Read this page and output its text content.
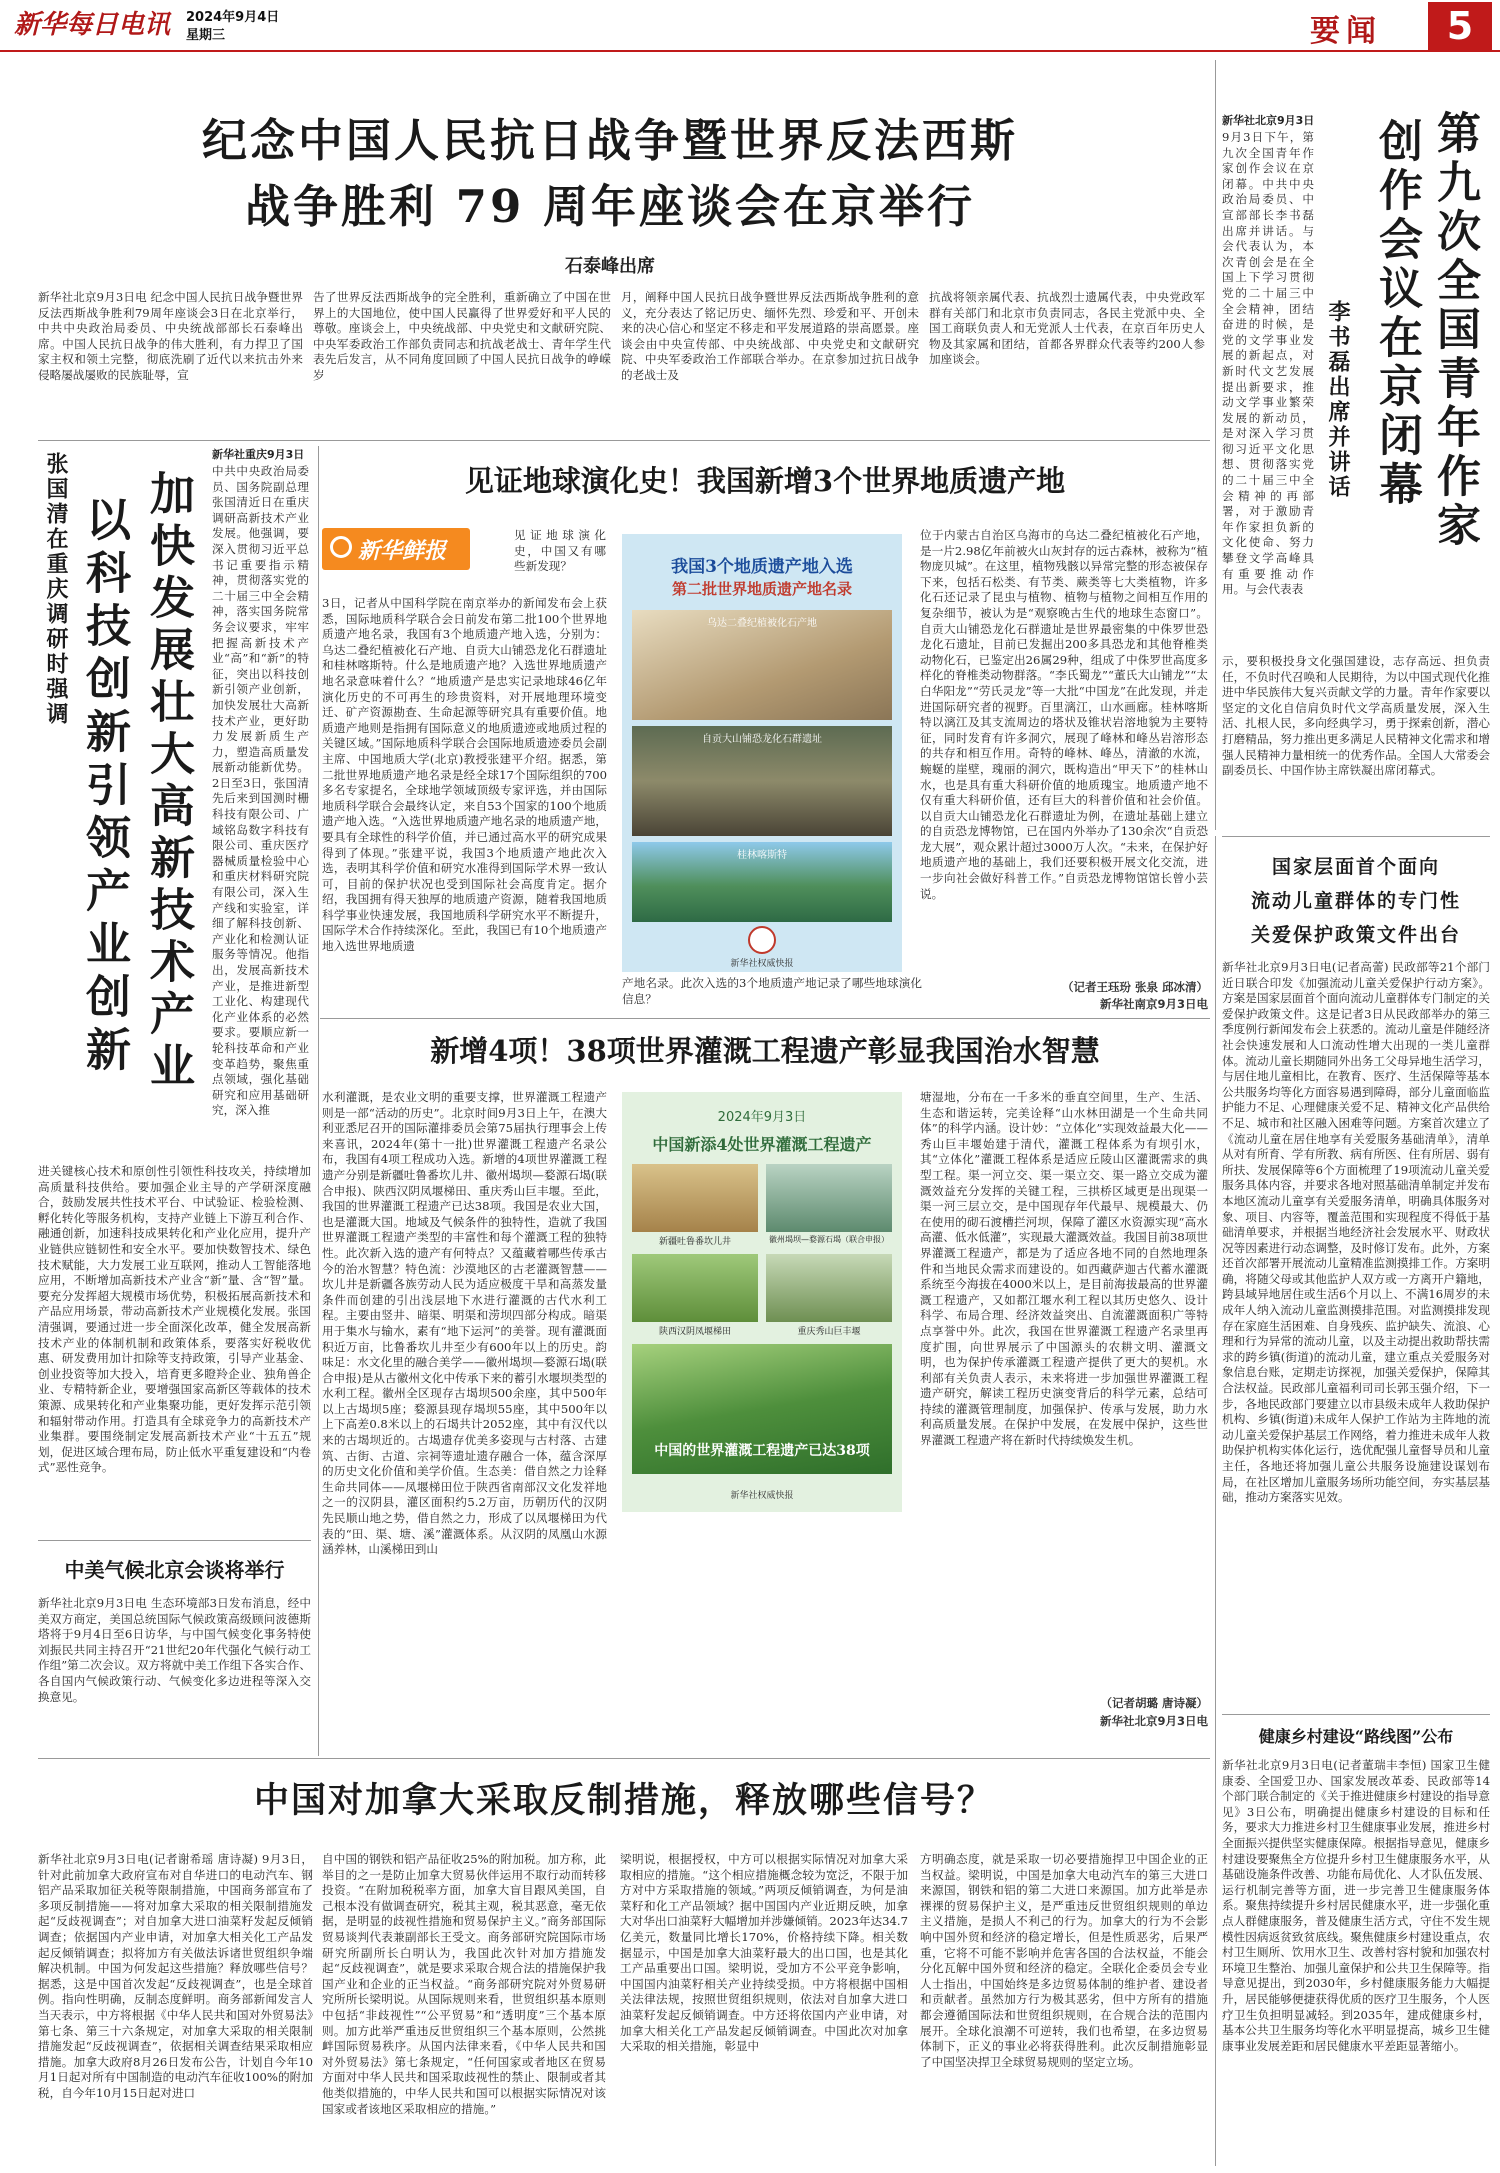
新华每日电讯	2024年9月4日
星期三	要闻	5
纪念中国人民抗日战争暨世界反法西斯
战争胜利 79 周年座谈会在京举行
石泰峰出席
新华社北京9月3日电 纪念中国人民抗日战争暨世界反法西斯战争胜利79周年座谈会3日在北京举行，中共中央政治局委员、中央统战部部长石泰峰出席。中国人民抗日战争的伟大胜利，有力捍卫了国家主权和领土完整，彻底洗刷了近代以来抗击外来侵略屡战屡败的民族耻辱，宣
告了世界反法西斯战争的完全胜利，重新确立了中国在世界上的大国地位，使中国人民赢得了世界爱好和平人民的尊敬。座谈会上，中央统战部、中央党史和文献研究院、中央军委政治工作部负责同志和抗战老战士、青年学生代表先后发言，从不同角度回顾了中国人民抗日战争的峥嵘岁
月，阐释中国人民抗日战争暨世界反法西斯战争胜利的意义，充分表达了铭记历史、缅怀先烈、珍爱和平、开创未来的决心信心和坚定不移走和平发展道路的崇高愿景。座谈会由中央宣传部、中央统战部、中央党史和文献研究院、中央军委政治工作部联合举办。在京参加过抗日战争的老战士及
抗战将领亲属代表、抗战烈士遗属代表，中央党政军群有关部门和北京市负责同志，各民主党派中央、全国工商联负责人和无党派人士代表，在京百年历史人物及其家属和团结，首都各界群众代表等约200人参加座谈会。
新华社北京9月3日
9月3日下午，第九次全国青年作家创作会议在京闭幕。中共中央政治局委员、中宣部部长李书磊出席并讲话。与会代表认为，本次青创会是在全国上下学习贯彻党的二十届三中全会精神，团结奋进的时候，是党的文学事业发展的新起点，对新时代文艺发展提出新要求，推动文学事业繁荣发展的新动员，是对深入学习贯彻习近平文化思想、贯彻落实党的二十届三中全会精神的再部署，对于激励青年作家担负新的文化使命、努力攀登文学高峰具有重要推动作用。与会代表表
第九次全国青年作家
创作会议在京闭幕
李书磊出席并讲话
示，要积极投身文化强国建设，志存高远、担负责任，不负时代召唤和人民期待，为以中国式现代化推进中华民族伟大复兴贡献文学的力量。青年作家要以坚定的文化自信肩负时代文学高质量发展，深入生活、扎根人民，多向经典学习，勇于探索创新，潜心打磨精品，努力推出更多满足人民精神文化需求和增强人民精神力量相统一的优秀作品。全国人大常委会副委员长、中国作协主席铁凝出席闭幕式。
国家层面首个面向
流动儿童群体的专门性
关爱保护政策文件出台
新华社北京9月3日电(记者高蕾) 民政部等21个部门近日联合印发《加强流动儿童关爱保护行动方案》。方案是国家层面首个面向流动儿童群体专门制定的关爱保护政策文件。这是记者3日从民政部举办的第三季度例行新闻发布会上获悉的。流动儿童是伴随经济社会快速发展和人口流动性增大出现的一类儿童群体。流动儿童长期随同外出务工父母异地生活学习，与居住地儿童相比，在教育、医疗、生活保障等基本公共服务均等化方面容易遇到障碍，部分儿童面临监护能力不足、心理健康关爱不足、精神文化产品供给不足、城市和社区融入困难等问题。方案首次建立了《流动儿童在居住地享有关爱服务基础清单》，清单从对有所育、学有所教、病有所医、住有所居、弱有所扶、发展保障等6个方面梳理了19项流动儿童关爱服务具体内容，并要求各地对照基础清单制定并发布本地区流动儿童享有关爱服务清单，明确具体服务对象、项目、内容等，覆盖范围和实现程度不得低于基础清单要求，并根据当地经济社会发展水平、财政状况等因素进行动态调整，及时修订发布。此外，方案还首次部署开展流动儿童精准监测摸排工作。方案明确，将随父母或其他监护人双方或一方离开户籍地，跨县域异地居住或生活6个月以上、不满16周岁的未成年人纳入流动儿童监测摸排范围。对监测摸排发现存在家庭生活困难、自身残疾、监护缺失、流浪、心理和行为异常的流动儿童，以及主动提出救助帮扶需求的跨乡镇(街道)的流动儿童，建立重点关爱服务对象信息台账，定期走访探视，加强关爱保护，保障其合法权益。民政部儿童福利司司长郭玉强介绍，下一步，各地民政部门要建立以市县级未成年人救助保护机构、乡镇(街道)未成年人保护工作站为主阵地的流动儿童关爱保护基层工作网络，着力推进未成年人救助保护机构实体化运行，选优配强儿童督导员和儿童主任，各地还将加强儿童公共服务设施建设谋划布局，在社区增加儿童服务场所功能空间，夯实基层基础，推动方案落实见效。
健康乡村建设“路线图”公布
新华社北京9月3日电(记者董瑞丰李恒) 国家卫生健康委、全国爱卫办、国家发展改革委、民政部等14个部门联合制定的《关于推进健康乡村建设的指导意见》3日公布，明确提出健康乡村建设的目标和任务，要求大力推进乡村卫生健康事业发展，推进乡村全面振兴提供坚实健康保障。根据指导意见，健康乡村建设要聚焦全方位提升乡村卫生健康服务水平，从基础设施条件改善、功能布局优化、人才队伍发展、运行机制完善等方面，进一步完善卫生健康服务体系。聚焦持续提升乡村居民健康水平，进一步强化重点人群健康服务，普及健康生活方式，守住不发生规模性因病返贫致贫底线。聚焦健康乡村建设重点，农村卫生厕所、饮用水卫生、改善村容村貌和加强农村环境卫生整治、加强儿童保护和公共卫生保障等。指导意见提出，到2030年，乡村健康服务能力大幅提升，居民能够便捷获得优质的医疗卫生服务，个人医疗卫生负担明显减轻。到2035年，建成健康乡村，基本公共卫生服务均等化水平明显提高，城乡卫生健康事业发展差距和居民健康水平差距显著缩小。
新华社重庆9月3日
中共中央政治局委员、国务院副总理张国清近日在重庆调研高新技术产业发展。他强调，要深入贯彻习近平总书记重要指示精神，贯彻落实党的二十届三中全会精神，落实国务院常务会议要求，牢牢把握高新技术产业“高”和“新”的特征，突出以科技创新引领产业创新，加快发展壮大高新技术产业，更好助力发展新质生产力，塑造高质量发展新动能新优势。2日至3日，张国清先后来到国测时栅科技有限公司、广域铭岛数字科技有限公司、重庆医疗器械质量检验中心和重庆材料研究院有限公司，深入生产线和实验室，详细了解科技创新、产业化和检测认证服务等情况。他指出，发展高新技术产业，是推进新型工业化、构建现代化产业体系的必然要求。要顺应新一轮科技革命和产业变革趋势，聚焦重点领域，强化基础研究和应用基础研究，深入推
张国清在重庆调研时强调 加快发展壮大高新技术产业
以科技创新引领产业创新
进关键核心技术和原创性引领性科技攻关，持续增加高质量科技供给。要加强企业主导的产学研深度融合，鼓励发展共性技术平台、中试验证、检验检测、孵化转化等服务机构，支持产业链上下游互利合作、融通创新，加速科技成果转化和产业化应用，提升产业链供应链韧性和安全水平。要加快数智技术、绿色技术赋能，大力发展工业互联网，推动人工智能落地应用，不断增加高新技术产业含“新”量、含“智”量。要充分发挥超大规模市场优势，积极拓展高新技术和产品应用场景，带动高新技术产业规模化发展。张国清强调，要通过进一步全面深化改革，健全发展高新技术产业的体制机制和政策体系，要落实好税收优惠、研发费用加计扣除等支持政策，引导产业基金、创业投资等加大投入，培育更多瞪羚企业、独角兽企业、专精特新企业，要增强国家高新区等载体的技术策源、成果转化和产业集聚功能，更好发挥示范引领和辐射带动作用。打造具有全球竞争力的高新技术产业集群。要围绕制定发展高新技术产业“十五五”规划，促进区域合理布局，防止低水平重复建设和“内卷式”恶性竞争。
中美气候北京会谈将举行
新华社北京9月3日电 生态环境部3日发布消息，经中美双方商定，美国总统国际气候政策高级顾问波德斯塔将于9月4日至6日访华，与中国气候变化事务特使刘振民共同主持召开“21世纪20年代强化气候行动工作组”第二次会议。双方将就中美工作组下各实合作、各自国内气候政策行动、气候变化多边进程等深入交换意见。
见证地球演化史！我国新增3个世界地质遗产地
新华鲜报
见证地球演化史，中国又有哪些新发现？
3日，记者从中国科学院在南京举办的新闻发布会上获悉，国际地质科学联合会日前发布第二批100个世界地质遗产地名录，我国有3个地质遗产地入选，分别为：乌达二叠纪植被化石产地、自贡大山铺恐龙化石群遗址和桂林喀斯特。什么是地质遗产地？入选世界地质遗产地名录意味着什么？“地质遗产是忠实记录地球46亿年演化历史的不可再生的珍贵资料，对开展地理环境变迁、矿产资源勘查、生命起源等研究具有重要价值。地质遗产地则是指拥有国际意义的地质遗迹或地质过程的关键区域。”国际地质科学联合会国际地质遗迹委员会副主席、中国地质大学(北京)教授张建平介绍。据悉，第二批世界地质遗产地名录是经全球17个国际组织的700多名专家提名，全球地学领域顶级专家评选，并由国际地质科学联合会最终认定，来自53个国家的100个地质遗产地入选。“入选世界地质遗产地名录的地质遗产地，要具有全球性的科学价值，并已通过高水平的研究成果得到了体现。”张建平说，我国3个地质遗产地此次入选，表明其科学价值和研究水准得到国际学术界一致认可，目前的保护状况也受到国际社会高度肯定。据介绍，我国拥有得天独厚的地质遗产资源，随着我国地质科学事业快速发展，我国地质科学研究水平不断提升，国际学术合作持续深化。至此，我国已有10个地质遗产地入选世界地质遗
产地名录。此次入选的3个地质遗产地记录了哪些地球演化信息？
我国3个地质遗产地入选
第二批世界地质遗产地名录
乌达二叠纪植被化石产地
自贡大山铺恐龙化石群遗址
桂林喀斯特
新华社权威快报
位于内蒙古自治区乌海市的乌达二叠纪植被化石产地，是一片2.98亿年前被火山灰封存的远古森林，被称为“植物庞贝城”。在这里，植物残骸以异常完整的形态被保存下来，包括石松类、有节类、蕨类等七大类植物，许多化石还记录了昆虫与植物、植物与植物之间相互作用的复杂细节，被认为是“观察晚古生代的地球生态窗口”。自贡大山铺恐龙化石群遗址是世界最密集的中侏罗世恐龙化石遗址，目前已发掘出200多具恐龙和其他脊椎类动物化石，已鉴定出26属29种，组成了中侏罗世高度多样化的脊椎类动物群落。“李氏蜀龙”“董氏大山铺龙”“太白华阳龙”“劳氏灵龙”等一大批“中国龙”在此发现，并走进国际研究者的视野。百里漓江，山水画廊。桂林喀斯特以漓江及其支流周边的塔状及锥状岩溶地貌为主要特征，同时发育有许多洞穴，展现了峰林和峰丛岩溶形态的共存和相互作用。奇特的峰林、峰丛，清澈的水流，蜿蜒的崖壁，瑰丽的洞穴，既构造出“甲天下”的桂林山水，也是具有重大科研价值的地质瑰宝。地质遗产地不仅有重大科研价值，还有巨大的科普价值和社会价值。以自贡大山铺恐龙化石群遗址为例，在遗址基础上建立的自贡恐龙博物馆，已在国内外举办了130余次“自贡恐龙大展”，观众累计超过3000万人次。“未来，在保护好地质遗产地的基础上，我们还要积极开展文化交流，进一步向社会做好科普工作。”自贡恐龙博物馆馆长曾小芸说。
（记者王珏玢 张泉 邱冰清）
新华社南京9月3日电
新增4项！38项世界灌溉工程遗产彰显我国治水智慧
水利灌溉，是农业文明的重要支撑，世界灌溉工程遗产则是一部“活动的历史”。北京时间9月3日上午，在澳大利亚悉尼召开的国际灌排委员会第75届执行理事会上传来喜讯，2024年(第十一批)世界灌溉工程遗产名录公布，我国有4项工程成功入选。新增的4项世界灌溉工程遗产分别是新疆吐鲁番坎儿井、徽州堨坝—婺源石堨(联合申报)、陕西汉阴凤堰梯田、重庆秀山巨丰堰。至此，我国的世界灌溉工程遗产已达38项。我国是农业大国，也是灌溉大国。地域及气候条件的独特性，造就了我国世界灌溉工程遗产类型的丰富性和每个灌溉工程的独特性。此次新入选的遗产有何特点？又蕴藏着哪些传承古今的治水智慧？特色流：沙漠地区的古老灌溉智慧——坎儿井是新疆各族劳动人民为适应极度干旱和高蒸发量条件而创建的引出浅层地下水进行灌溉的古代水利工程。主要由竖井、暗渠、明渠和涝坝四部分构成。暗渠用于集水与输水，素有“地下运河”的美誉。现有灌溉面积近万亩，比鲁番坎儿井至少有600年以上的历史。韵味足：水文化里的融合美学——徽州堨坝—婺源石堨(联合申报)是从古徽州文化中传承下来的蓄引水堰坝类型的水利工程。徽州全区现存古堨坝500余座，其中500年以上古堨坝5座；婺源县现存堨坝55座，其中500年以上下高差0.8米以上的石堨共计2052座，其中有汉代以来的古堨坝近的。古堨遗存优美多姿现与古村落、古建筑、古街、古道、宗祠等遗址遗存融合一体，蕴含深厚的历史文化价值和美学价值。生态美：借自然之力诠释生命共同体——凤堰梯田位于陕西省南部汉文化发祥地之一的汉阴县，灌区面积约5.2万亩，历朝历代的汉阴先民顺山地之势，借自然之力，形成了以凤堰梯田为代表的“田、渠、塘、溪”灌溉体系。从汉阴的凤凰山水源涵养林，山溪梯田到山
2024年9月3日
中国新添4处世界灌溉工程遗产
新疆吐鲁番坎儿井	徽州堨坝—婺源石堨（联合申报）
陕西汉阴凤堰梯田	重庆秀山巨丰堰
中国的世界灌溉工程遗产已达38项
新华社权威快报
塘湿地，分布在一千多米的垂直空间里，生产、生活、生态和谐运转，完美诠释“山水林田湖是一个生命共同体”的科学内涵。设计妙：“立体化”实现效益最大化——秀山巨丰堰始建于清代，灌溉工程体系为有坝引水，其“立体化”灌溉工程体系是适应丘陵山区灌溉需求的典型工程。渠一河立交、渠一渠立交、渠一路立交成为灌溉效益充分发挥的关键工程，三拱桥区域更是出现渠一渠一河三层立交，是中国现存年代最早、规模最大、仍在使用的砌石渡槽拦河坝，保障了灌区水资源实现“高水高灌、低水低灌”，实现最大灌溉效益。我国目前38项世界灌溉工程遗产，都是为了适应各地不同的自然地理条件和当地民众需求而建设的。如西藏萨迦古代蓄水灌溉系统至今海拔在4000米以上，是目前海拔最高的世界灌溉工程遗产，又如都江堰水利工程以其历史悠久、设计科学、布局合理、经济效益突出、自流灌溉面积广等特点享誉中外。此次，我国在世界灌溉工程遗产名录里再度扩围，向世界展示了中国源头的农耕文明、灌溉文明，也为保护传承灌溉工程遗产提供了更大的契机。水利部有关负责人表示，未来将进一步加强世界灌溉工程遗产研究，解读工程历史演变背后的科学元素，总结可持续的灌溉管理制度，加强保护、传承与发展，助力水利高质量发展。在保护中发展，在发展中保护，这些世界灌溉工程遗产将在新时代持续焕发生机。
（记者胡璐 唐诗凝）
新华社北京9月3日电
中国对加拿大采取反制措施，释放哪些信号？
新华社北京9月3日电(记者谢希瑶 唐诗凝) 9月3日，针对此前加拿大政府宣布对自华进口的电动汽车、钢铝产品采取加征关税等限制措施，中国商务部宣布了多项反制措施——将对加拿大采取的相关限制措施发起“反歧视调查”；对自加拿大进口油菜籽发起反倾销调查；依据国内产业申请，对加拿大相关化工产品发起反倾销调查；拟将加方有关做法诉诸世贸组织争端解决机制。中国为何发起这些措施？释放哪些信号？据悉，这是中国首次发起“反歧视调查”，也是全球首例。指向性明确，反制态度鲜明。商务部新闻发言人当天表示，中方将根据《中华人民共和国对外贸易法》第七条、第三十六条规定，对加拿大采取的相关限制措施发起“反歧视调查”，依据相关调查结果采取相应措施。加拿大政府8月26日发布公告，计划自今年10月1日起对所有中国制造的电动汽车征收100%的附加税，自今年10月15日起对进口
自中国的钢铁和铝产品征收25%的附加税。加方称，此举目的之一是防止加拿大贸易伙伴运用不取行动而转移投资。“在附加税税率方面，加拿大盲目跟风美国，自己根本没有做调查研究，税其主观，税其恶意，毫无依据，是明显的歧视性措施和贸易保护主义。”商务部国际贸易谈判代表兼副部长王受文。商务部研究院国际市场研究所副所长白明认为，我国此次针对加方措施发起“反歧视调查”，就是要求采取合规合法的措施保护我国产业和企业的正当权益。“商务部研究院对外贸易研究所所长梁明说。从国际规则来看，世贸组织基本原则中包括“非歧视性”“公平贸易”和“透明度”三个基本原则。加方此举严重违反世贸组织三个基本原则，公然挑衅国际贸易秩序。从国内法律来看，《中华人民共和国对外贸易法》第七条规定，“任何国家或者地区在贸易方面对中华人民共和国采取歧视性的禁止、限制或者其他类似措施的，中华人民共和国可以根据实际情况对该国家或者该地区采取相应的措施。”
梁明说，根据授权，中方可以根据实际情况对加拿大采取相应的措施。“这个相应措施概念较为宽泛，不限于加方对中方采取措施的领域。”两项反倾销调查，为何是油菜籽和化工产品领域？据中国国内产业近期反映，加拿大对华出口油菜籽大幅增加并涉嫌倾销。2023年达34.7亿美元，数量同比增长170%，价格持续下降。相关数据显示，中国是加拿大油菜籽最大的出口国，也是其化工产品重要出口国。梁明说，受加方不公平竞争影响，中国国内油菜籽相关产业持续受损。中方将根据中国相关法律法规，按照世贸组织规则，依法对自加拿大进口油菜籽发起反倾销调查。中方还将依国内产业申请，对加拿大相关化工产品发起反倾销调查。中国此次对加拿大采取的相关措施，彰显中
方明确态度，就是采取一切必要措施捍卫中国企业的正当权益。梁明说，中国是加拿大电动汽车的第三大进口来源国，钢铁和铝的第二大进口来源国。加方此举是赤裸裸的贸易保护主义，是严重违反世贸组织规则的单边主义措施，是损人不利己的行为。加拿大的行为不会影响中国外贸和经济的稳定增长，但是性质恶劣，后果严重，它将不可能不影响并危害各国的合法权益，不能会分化瓦解中国外贸和经济的稳定。全联化企委员会专业人士指出，中国始终是多边贸易体制的维护者、建设者和贡献者。虽然加方行为极其恶劣，但中方所有的措施都会遵循国际法和世贸组织规则，在合规合法的范围内展开。全球化浪潮不可逆转，我们也希望，在多边贸易体制下，正义的事业必将获得胜利。此次反制措施彰显了中国坚决捍卫全球贸易规则的坚定立场。
